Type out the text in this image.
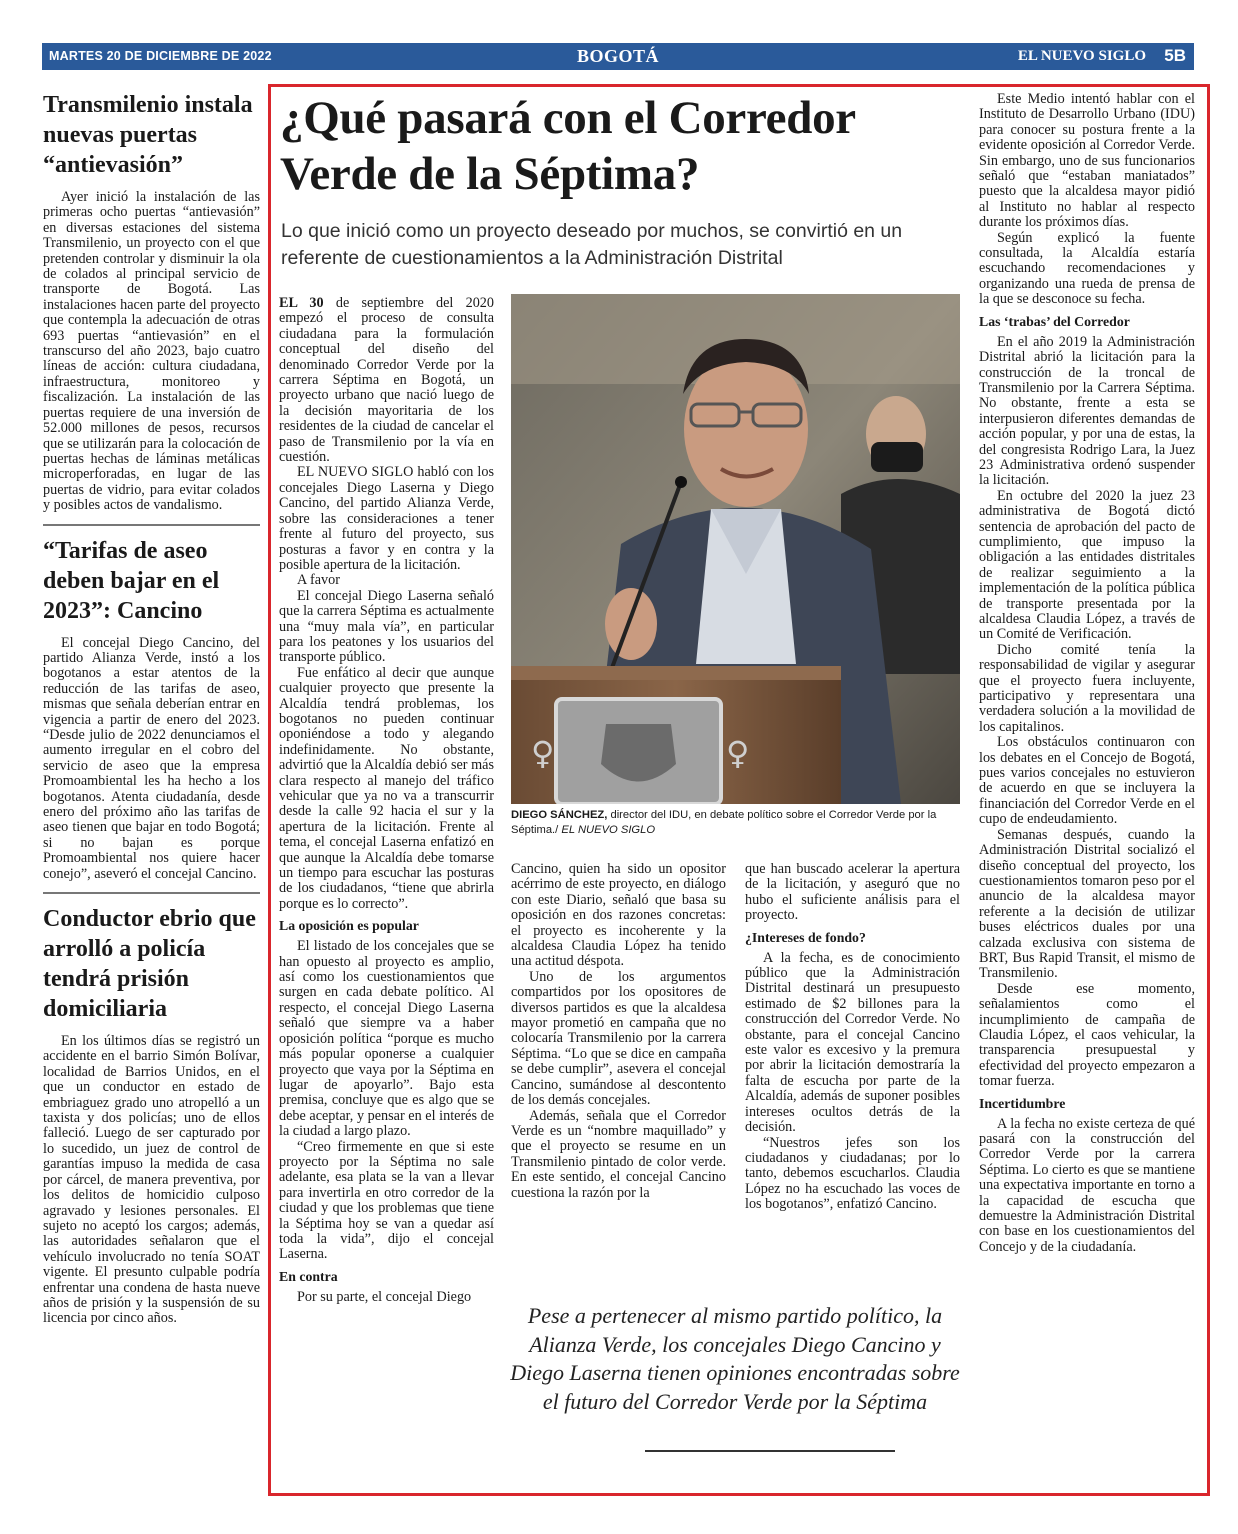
MARTES 20 DE DICIEMBRE DE 2022	BOGOTÁ	EL NUEVO SIGLO 5B
Transmilenio instala nuevas puertas “antievasión”

Ayer inició la instalación de las primeras ocho puertas “antievasión” en diversas estaciones del sistema Transmilenio, un proyecto con el que pretenden controlar y disminuir la ola de colados al principal servicio de transporte de Bogotá. Las instalaciones hacen parte del proyecto que contempla la adecuación de otras 693 puertas “antievasión” en el transcurso del año 2023, bajo cuatro líneas de acción: cultura ciudadana, infraestructura, monitoreo y fiscalización. La instalación de las puertas requiere de una inversión de 52.000 millones de pesos, recursos que se utilizarán para la colocación de puertas hechas de láminas metálicas microperforadas, en lugar de las puertas de vidrio, para evitar colados y posibles actos de vandalismo.

“Tarifas de aseo deben bajar en el 2023”: Cancino

El concejal Diego Cancino, del partido Alianza Verde, instó a los bogotanos a estar atentos de la reducción de las tarifas de aseo, mismas que señala deberían entrar en vigencia a partir de enero del 2023. “Desde julio de 2022 denunciamos el aumento irregular en el cobro del servicio de aseo que la empresa Promoambiental les ha hecho a los bogotanos. Atenta ciudadanía, desde enero del próximo año las tarifas de aseo tienen que bajar en todo Bogotá; si no bajan es porque Promoambiental nos quiere hacer conejo”, aseveró el concejal Cancino.

Conductor ebrio que arrolló a policía tendrá prisión domiciliaria

En los últimos días se registró un accidente en el barrio Simón Bolívar, localidad de Barrios Unidos, en el que un conductor en estado de embriaguez grado uno atropelló a un taxista y dos policías; uno de ellos falleció. Luego de ser capturado por lo sucedido, un juez de control de garantías impuso la medida de casa por cárcel, de manera preventiva, por los delitos de homicidio culposo agravado y lesiones personales. El sujeto no aceptó los cargos; además, las autoridades señalaron que el vehículo involucrado no tenía SOAT vigente. El presunto culpable podría enfrentar una condena de hasta nueve años de prisión y la suspensión de su licencia por cinco años.

¿Qué pasará con el Corredor Verde de la Séptima?

Lo que inició como un proyecto deseado por muchos, se convirtió en un referente de cuestionamientos a la Administración Distrital

EL 30 de septiembre del 2020 empezó el proceso de consulta ciudadana para la formulación conceptual del diseño del denominado Corredor Verde por la carrera Séptima en Bogotá, un proyecto urbano que nació luego de la decisión mayoritaria de los residentes de la ciudad de cancelar el paso de Transmilenio por la vía en cuestión.

EL NUEVO SIGLO habló con los concejales Diego Laserna y Diego Cancino, del partido Alianza Verde, sobre las consideraciones a tener frente al futuro del proyecto, sus posturas a favor y en contra y la posible apertura de la licitación.

A favor

El concejal Diego Laserna señaló que la carrera Séptima es actualmente una “muy mala vía”, en particular para los peatones y los usuarios del transporte público.

Fue enfático al decir que aunque cualquier proyecto que presente la Alcaldía tendrá problemas, los bogotanos no pueden continuar oponiéndose a todo y alegando indefinidamente. No obstante, advirtió que la Alcaldía debió ser más clara respecto al manejo del tráfico vehicular que ya no va a transcurrir desde la calle 92 hacia el sur y la apertura de la licitación. Frente al tema, el concejal Laserna enfatizó en que aunque la Alcaldía debe tomarse un tiempo para escuchar las posturas de los ciudadanos, “tiene que abrirla porque es lo correcto”.

La oposición es popular

El listado de los concejales que se han opuesto al proyecto es amplio, así como los cuestionamientos que surgen en cada debate político. Al respecto, el concejal Diego Laserna señaló que siempre va a haber oposición política “porque es mucho más popular oponerse a cualquier proyecto que vaya por la Séptima en lugar de apoyarlo”. Bajo esta premisa, concluye que es algo que se debe aceptar, y pensar en el interés de la ciudad a largo plazo.

“Creo firmemente en que si este proyecto por la Séptima no sale adelante, esa plata se la van a llevar para invertirla en otro corredor de la ciudad y que los problemas que tiene la Séptima hoy se van a quedar así toda la vida”, dijo el concejal Laserna.

En contra

Por su parte, el concejal Diego

♀	♀
DIEGO SÁNCHEZ, director del IDU, en debate político sobre el Corredor Verde por la Séptima./ EL NUEVO SIGLO

Cancino, quien ha sido un opositor acérrimo de este proyecto, en diálogo con este Diario, señaló que basa su oposición en dos razones concretas: el proyecto es incoherente y la alcaldesa Claudia López ha tenido una actitud déspota.

Uno de los argumentos compartidos por los opositores de diversos partidos es que la alcaldesa mayor prometió en campaña que no colocaría Transmilenio por la carrera Séptima. “Lo que se dice en campaña se debe cumplir”, asevera el concejal Cancino, sumándose al descontento de los demás concejales.

Además, señala que el Corredor Verde es un “nombre maquillado” y que el proyecto se resume en un Transmilenio pintado de color verde. En este sentido, el concejal Cancino cuestiona la razón por la

que han buscado acelerar la apertura de la licitación, y aseguró que no hubo el suficiente análisis para el proyecto.

¿Intereses de fondo?

A la fecha, es de conocimiento público que la Administración Distrital destinará un presupuesto estimado de $2 billones para la construcción del Corredor Verde. No obstante, para el concejal Cancino este valor es excesivo y la premura por abrir la licitación demostraría la falta de escucha por parte de la Alcaldía, además de suponer posibles intereses ocultos detrás de la decisión.

“Nuestros jefes son los ciudadanos y ciudadanas; por lo tanto, debemos escucharlos. Claudia López no ha escuchado las voces de los bogotanos”, enfatizó Cancino.

Pese a pertenecer al mismo partido político, la Alianza Verde, los concejales Diego Cancino y Diego Laserna tienen opiniones encontradas sobre el futuro del Corredor Verde por la Séptima

Este Medio intentó hablar con el Instituto de Desarrollo Urbano (IDU) para conocer su postura frente a la evidente oposición al Corredor Verde. Sin embargo, uno de sus funcionarios señaló que “estaban maniatados” puesto que la alcaldesa mayor pidió al Instituto no hablar al respecto durante los próximos días.

Según explicó la fuente consultada, la Alcaldía estaría escuchando recomendaciones y organizando una rueda de prensa de la que se desconoce su fecha.

Las ‘trabas’ del Corredor

En el año 2019 la Administración Distrital abrió la licitación para la construcción de la troncal de Transmilenio por la Carrera Séptima. No obstante, frente a esta se interpusieron diferentes demandas de acción popular, y por una de estas, la del congresista Rodrigo Lara, la Juez 23 Administrativa ordenó suspender la licitación.

En octubre del 2020 la juez 23 administrativa de Bogotá dictó sentencia de aprobación del pacto de cumplimiento, que impuso la obligación a las entidades distritales de realizar seguimiento a la implementación de la política pública de transporte presentada por la alcaldesa Claudia López, a través de un Comité de Verificación.

Dicho comité tenía la responsabilidad de vigilar y asegurar que el proyecto fuera incluyente, participativo y representara una verdadera solución a la movilidad de los capitalinos.

Los obstáculos continuaron con los debates en el Concejo de Bogotá, pues varios concejales no estuvieron de acuerdo en que se incluyera la financiación del Corredor Verde en el cupo de endeudamiento.

Semanas después, cuando la Administración Distrital socializó el diseño conceptual del proyecto, los cuestionamientos tomaron peso por el anuncio de la alcaldesa mayor referente a la decisión de utilizar buses eléctricos duales por una calzada exclusiva con sistema de BRT, Bus Rapid Transit, el mismo de Transmilenio.

Desde ese momento, señalamientos como el incumplimiento de campaña de Claudia López, el caos vehicular, la transparencia presupuestal y efectividad del proyecto empezaron a tomar fuerza.

Incertidumbre

A la fecha no existe certeza de qué pasará con la construcción del Corredor Verde por la carrera Séptima. Lo cierto es que se mantiene una expectativa importante en torno a la capacidad de escucha que demuestre la Administración Distrital con base en los cuestionamientos del Concejo y de la ciudadanía.
